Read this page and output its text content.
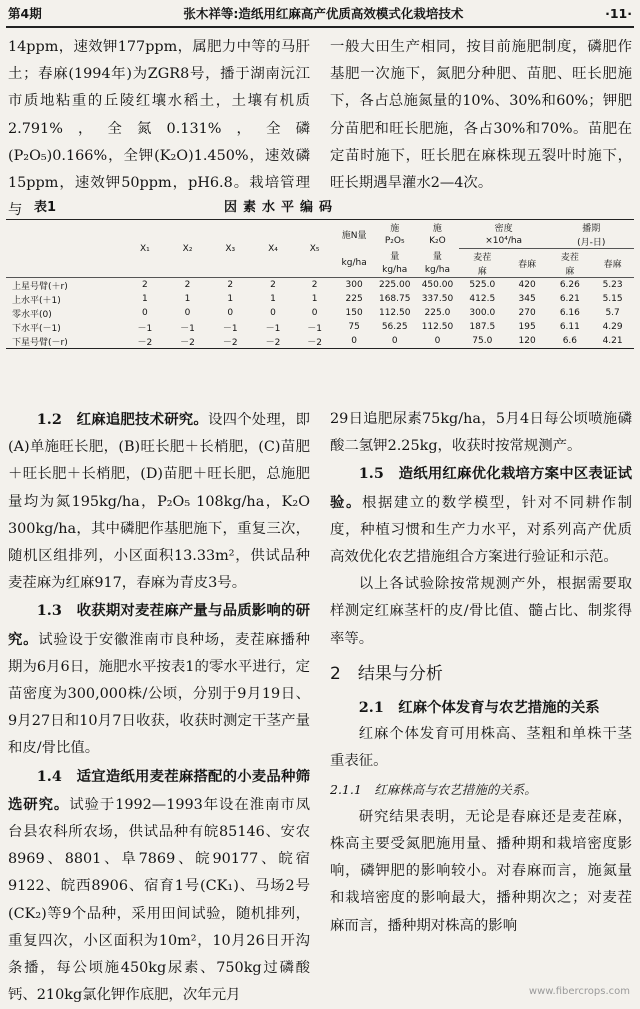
第4期	张木祥等:造纸用红麻高产优质高效模式化栽培技术	·11·

14ppm，速效钾177ppm，属肥力中等的马肝土；春麻(1994年)为ZGR8号，播于湖南沅江市质地粘重的丘陵红壤水稻土，土壤有机质2.791%，全氮0.131%，全磷(P₂O₅)0.166%，全钾(K₂O)1.450%，速效磷15ppm，速效钾50ppm，pH6.8。栽培管理与

一般大田生产相同，按目前施肥制度，磷肥作基肥一次施下，氮肥分种肥、苗肥、旺长肥施下，各占总施氮量的10%、30%和60%；钾肥分苗肥和旺长肥施，各占30%和70%。苗肥在定苗时施下，旺长肥在麻株现五裂叶时施下，旺长期遇旱灌水2—4次。

表1	因素水平编码
	X₁	X₂	X₃	X₄	X₅	施N量	施	施	密度		播期	
							P₂O₅	K₂O	×10⁴/ha		(月-日)	
						kg/ha	量	量	麦茬	春麻	麦茬	春麻
							kg/ha	kg/ha	麻		麻	
上星号臂(＋r)	2	2	2	2	2	300	225.00	450.00	525.0	420	6.26	5.23
上水平(＋1)	1	1	1	1	1	225	168.75	337.50	412.5	345	6.21	5.15
零水平(0)	0	0	0	0	0	150	112.50	225.0	300.0	270	6.16	5.7
下水平(－1)	－1	－1	－1	－1	－1	75	56.25	112.50	187.5	195	6.11	4.29
下星号臂(－r)	－2	－2	－2	－2	－2	0	0	0	75.0	120	6.6	4.21

1.2　红麻追肥技术研究。设四个处理，即(A)单施旺长肥，(B)旺长肥＋长梢肥，(C)苗肥＋旺长肥＋长梢肥，(D)苗肥＋旺长肥，总施肥量均为氮195kg/ha，P₂O₅ 108kg/ha，K₂O 300kg/ha，其中磷肥作基肥施下，重复三次，随机区组排列，小区面积13.33m²，供试品种麦茬麻为红麻917，春麻为青皮3号。

1.3　收获期对麦茬麻产量与品质影响的研究。试验设于安徽淮南市良种场，麦茬麻播种期为6月6日，施肥水平按表1的零水平进行，定苗密度为300,000株/公顷，分别于9月19日、9月27日和10月7日收获，收获时测定干茎产量和皮/骨比值。

1.4　适宜造纸用麦茬麻搭配的小麦品种筛选研究。试验于1992—1993年设在淮南市凤台县农科所农场，供试品种有皖85146、安农8969、8801、阜7869、皖90177、皖宿9122、皖西8906、宿育1号(CK₁)、马场2号(CK₂)等9个品种，采用田间试验，随机排列，重复四次，小区面积为10m²，10月26日开沟条播，每公顷施450kg尿素、750kg过磷酸钙、210kg氯化钾作底肥，次年元月

29日追肥尿素75kg/ha，5月4日每公顷喷施磷酸二氢钾2.25kg，收获时按常规测产。

1.5　造纸用红麻优化栽培方案中区表证试验。根据建立的数学模型，针对不同耕作制度，种植习惯和生产力水平，对系列高产优质高效优化农艺措施组合方案进行验证和示范。

以上各试验除按常规测产外，根据需要取样测定红麻茎杆的皮/骨比值、髓占比、制浆得率等。

2　结果与分析

2.1　红麻个体发育与农艺措施的关系

红麻个体发育可用株高、茎粗和单株干茎重表征。

2.1.1　红麻株高与农艺措施的关系。

研究结果表明，无论是春麻还是麦茬麻，株高主要受氮肥施用量、播种期和栽培密度影响，磷钾肥的影响较小。对春麻而言，施氮量和栽培密度的影响最大，播种期次之；对麦茬麻而言，播种期对株高的影响

www.fibercrops.com
